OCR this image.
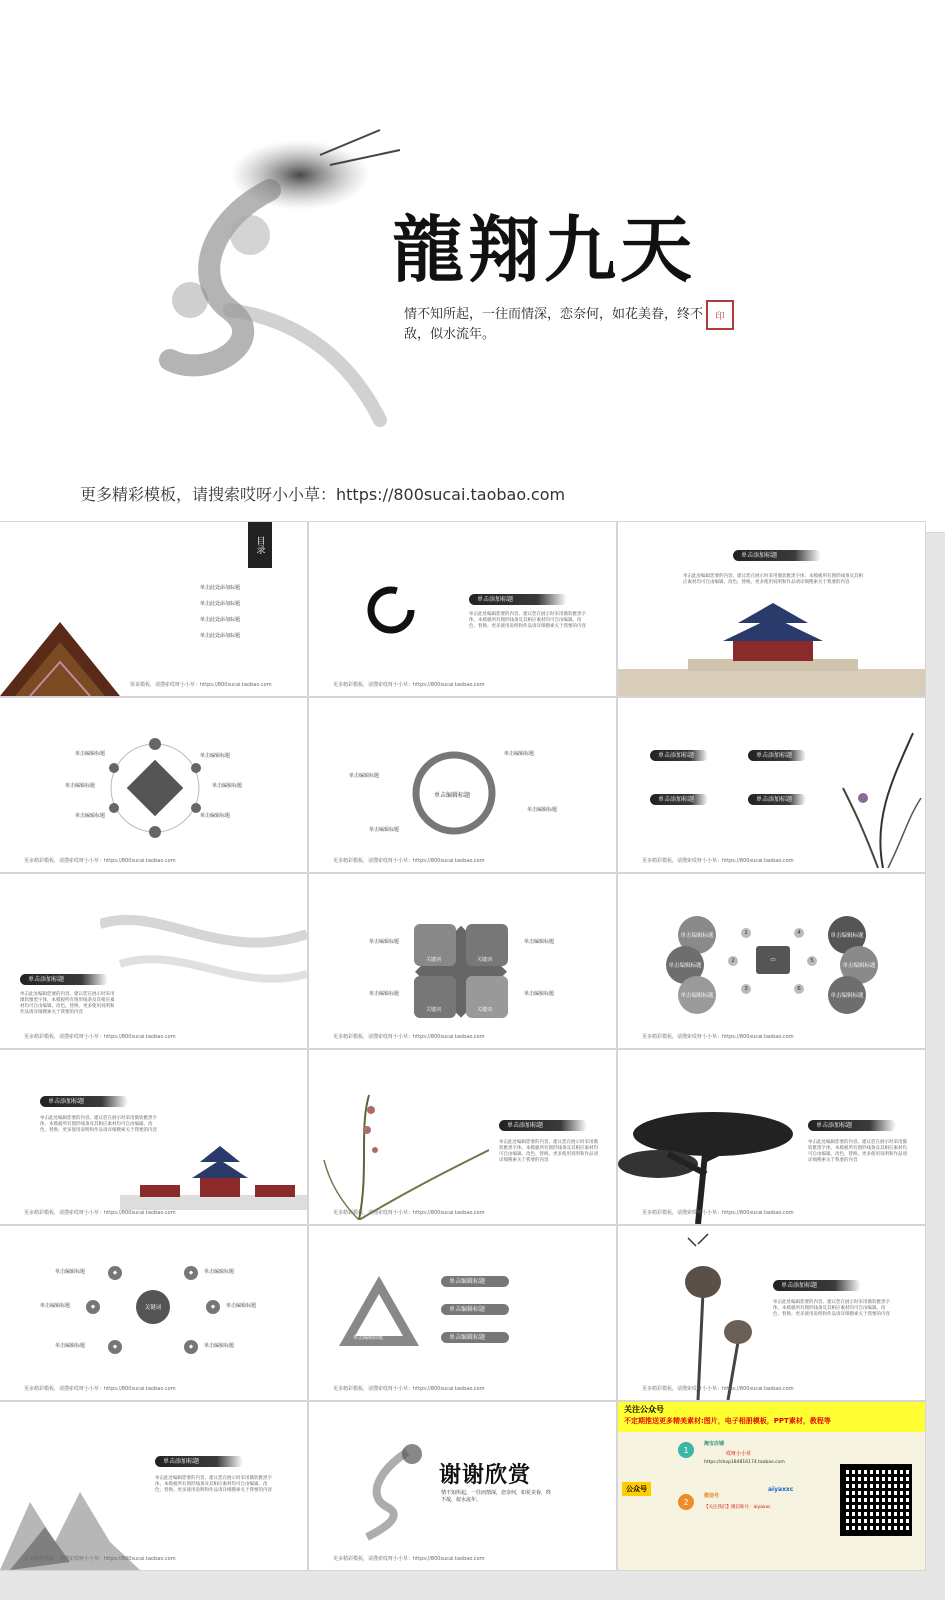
龍翔九天
情不知所起，一往而情深，恋奈何，如花美眷，终不敌，似水流年。
印
更多精彩模板，请搜索哎呀小小草：https://800sucai.taobao.com
目录
单击此处添加标题
单击此处添加标题
单击此处添加标题
单击此处添加标题
梁说模板，请搜索哎呀小小草：https://800sucai.taobao.com
单击添加标题
单击此处编辑您要的内容，建议您在展示时采用微软雅黑字体，本模板所有图形线条及其相应素材均可自由编辑、改色、替换。更多使用说明和作品请详细搜索关于我要的内容
更多精彩模板，请搜索哎呀小小草：https://800sucai.taobao.com
单击添加标题
单击此处编辑您要的内容，建议您在展示时采用微软雅黑字体，本模板所有图形线条及其相应素材均可自由编辑、改色、替换。更多使用说明和作品请详细搜索关于我要的内容
单击编辑标题
单击编辑标题
单击编辑标题
单击编辑标题
单击编辑标题
单击编辑标题
更多精彩模板，请搜索哎呀小小草：https://800sucai.taobao.com
单击编辑标题
单击编辑标题
单击编辑标题
单击编辑标题
单击编辑标题
更多精彩模板，请搜索哎呀小小草：https://800sucai.taobao.com
单击添加标题	单击添加标题
单击添加标题	单击添加标题
更多精彩模板，请搜索哎呀小小草：https://800sucai.taobao.com
单击添加标题
单击此处编辑您要的内容，建议您在展示时采用微软雅黑字体，本模板所有图形线条及其相应素材均可自由编辑、改色、替换。更多使用说明和作品请详细搜索关于我要的内容
更多精彩模板，请搜索哎呀小小草：https://800sucai.taobao.com
关键词	关键词
关键词	关键词
单击编辑标题
单击编辑标题
单击编辑标题
单击编辑标题
更多精彩模板，请搜索哎呀小小草：https://800sucai.taobao.com
单击编辑标题
单击编辑标题
单击编辑标题
单击编辑标题
单击编辑标题
单击编辑标题
▭
1
2
3
4
5
6
更多精彩模板，请搜索哎呀小小草：https://800sucai.taobao.com
单击添加标题
单击此处编辑您要的内容，建议您在展示时采用微软雅黑字体，本模板所有图形线条及其相应素材均可自由编辑、改色、替换。更多使用说明和作品请详细搜索关于我要的内容
更多精彩模板，请搜索哎呀小小草：https://800sucai.taobao.com
单击添加标题
单击此处编辑您要的内容，建议您在展示时采用微软雅黑字体，本模板所有图形线条及其相应素材均可自由编辑、改色、替换。更多使用说明和作品请详细搜索关于我要的内容
更多精彩模板，请搜索哎呀小小草：https://800sucai.taobao.com
单击添加标题
单击此处编辑您要的内容，建议您在展示时采用微软雅黑字体，本模板所有图形线条及其相应素材均可自由编辑、改色、替换。更多使用说明和作品请详细搜索关于我要的内容
更多精彩模板，请搜索哎呀小小草：https://800sucai.taobao.com
关键词
◆
◆
◆
◆
◆
◆
单击编辑标题
单击编辑标题
单击编辑标题
单击编辑标题
单击编辑标题
单击编辑标题
更多精彩模板，请搜索哎呀小小草：https://800sucai.taobao.com
单击编辑标题
单击编辑标题
单击编辑标题
单击编辑标题
更多精彩模板，请搜索哎呀小小草：https://800sucai.taobao.com
单击添加标题
单击此处编辑您要的内容，建议您在展示时采用微软雅黑字体，本模板所有图形线条及其相应素材均可自由编辑、改色、替换。更多使用说明和作品请详细搜索关于我要的内容
更多精彩模板，请搜索哎呀小小草：https://800sucai.taobao.com
单击添加标题
单击此处编辑您要的内容，建议您在展示时采用微软雅黑字体，本模板所有图形线条及其相应素材均可自由编辑、改色、替换。更多使用说明和作品请详细搜索关于我要的内容
更多精彩模板，请搜索哎呀小小草：https://800sucai.taobao.com
谢谢欣赏
情不知所起，一往而情深，恋奈何，如花美眷，终不敌，似水流年。
更多精彩模板，请搜索哎呀小小草：https://800sucai.taobao.com
关注公众号
不定期推送更多精美素材:图片，电子相册模板，PPT素材，教程等
公众号
1
2
淘宝店铺
哎呀小小草
https://shop184816174.taobao.com
微信号
【关注我们】微信账号：aiyaxxc
aiyaxxc
